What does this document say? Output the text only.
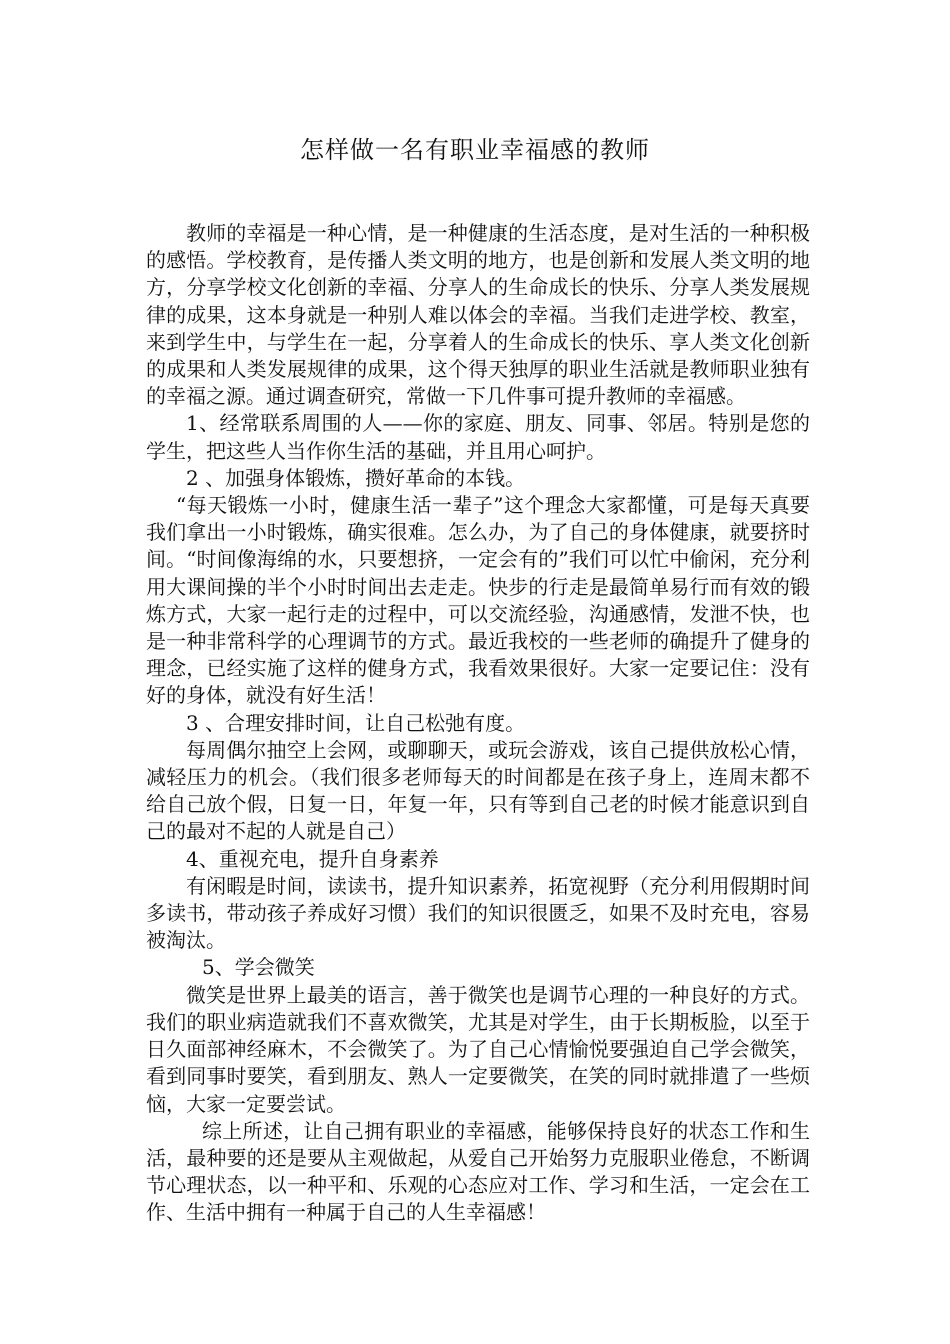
怎样做一名有职业幸福感的教师

教师的幸福是一种心情，是一种健康的生活态度，是对生活的一种积极的感悟。学校教育，是传播人类文明的地方，也是创新和发展人类文明的地方，分享学校文化创新的幸福、分享人的生命成长的快乐、分享人类发展规律的成果，这本身就是一种别人难以体会的幸福。当我们走进学校、教室，来到学生中，与学生在一起，分享着人的生命成长的快乐、享人类文化创新的成果和人类发展规律的成果，这个得天独厚的职业生活就是教师职业独有的幸福之源。通过调查研究，常做一下几件事可提升教师的幸福感。

1、经常联系周围的人——你的家庭、朋友、同事、邻居。特别是您的学生，把这些人当作你生活的基础，并且用心呵护。

2 、加强身体锻炼，攒好革命的本钱。

“每天锻炼一小时，健康生活一辈子”这个理念大家都懂，可是每天真要我们拿出一小时锻炼，确实很难。怎么办，为了自己的身体健康，就要挤时间。“时间像海绵的水，只要想挤，一定会有的”我们可以忙中偷闲，充分利用大课间操的半个小时时间出去走走。快步的行走是最简单易行而有效的锻炼方式，大家一起行走的过程中，可以交流经验，沟通感情，发泄不快，也是一种非常科学的心理调节的方式。最近我校的一些老师的确提升了健身的理念，已经实施了这样的健身方式，我看效果很好。大家一定要记住：没有好的身体，就没有好生活！

3 、合理安排时间，让自己松弛有度。

每周偶尔抽空上会网，或聊聊天，或玩会游戏，该自己提供放松心情，减轻压力的机会。（我们很多老师每天的时间都是在孩子身上，连周末都不给自己放个假，日复一日，年复一年，只有等到自己老的时候才能意识到自己的最对不起的人就是自己）

4、重视充电，提升自身素养

有闲暇是时间，读读书，提升知识素养，拓宽视野（充分利用假期时间多读书，带动孩子养成好习惯）我们的知识很匮乏，如果不及时充电，容易被淘汰。

5、学会微笑

微笑是世界上最美的语言，善于微笑也是调节心理的一种良好的方式。我们的职业病造就我们不喜欢微笑，尤其是对学生，由于长期板脸，以至于日久面部神经麻木，不会微笑了。为了自己心情愉悦要强迫自己学会微笑，看到同事时要笑，看到朋友、熟人一定要微笑，在笑的同时就排遣了一些烦恼，大家一定要尝试。

综上所述，让自己拥有职业的幸福感，能够保持良好的状态工作和生活，最种要的还是要从主观做起，从爱自己开始努力克服职业倦怠，不断调节心理状态，以一种平和、乐观的心态应对工作、学习和生活，一定会在工作、生活中拥有一种属于自己的人生幸福感！
